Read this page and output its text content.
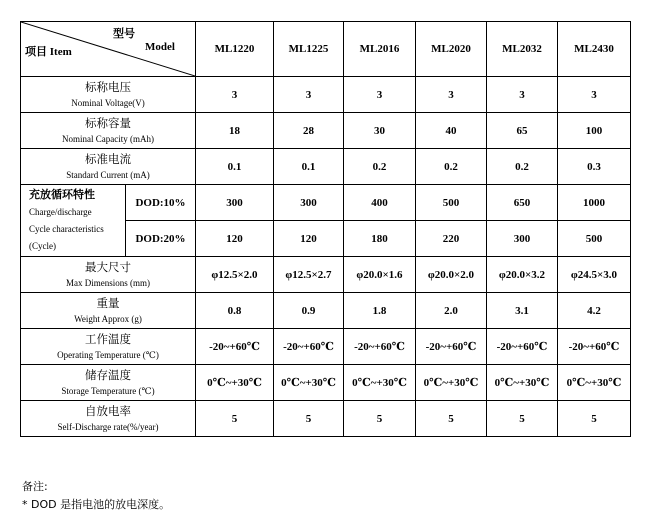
型号
Model
项目 Item		ML1220	ML1225	ML2016	ML2020	ML2032	ML2430

标称电压
Nominal Voltage(V)		3	3	3	3	3	3

标称容量
Nominal Capacity (mAh)		18	28	30	40	65	100

标准电流
Standard Current (mA)		0.1	0.1	0.2	0.2	0.2	0.3

充放循环特性
Charge/discharge
Cycle characteristics
(Cycle)	DOD:10%	300	300	400	500	650	1000
	DOD:20%	120	120	180	220	300	500

最大尺寸
Max Dimensions (mm)		φ12.5×2.0	φ12.5×2.7	φ20.0×1.6	φ20.0×2.0	φ20.0×3.2	φ24.5×3.0

重量
Weight Approx (g)		0.8	0.9	1.8	2.0	3.1	4.2

工作温度
Operating Temperature (℃)		-20~+60℃	-20~+60℃	-20~+60℃	-20~+60℃	-20~+60℃	-20~+60℃

储存温度
Storage Temperature (℃)		0℃~+30℃	0℃~+30℃	0℃~+30℃	0℃~+30℃	0℃~+30℃	0℃~+30℃

自放电率
Self-Discharge rate(%/year)		5	5	5	5	5	5
备注:
* DOD 是指电池的放电深度。
